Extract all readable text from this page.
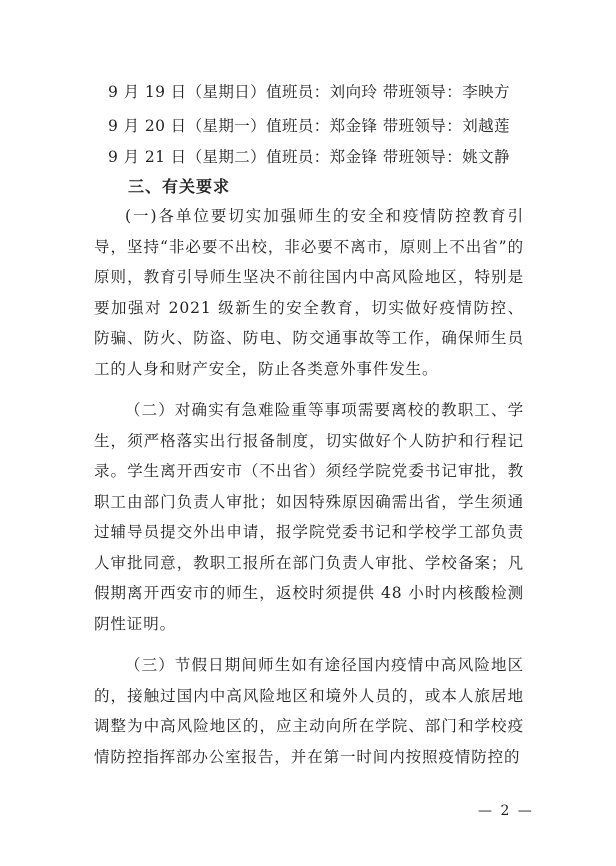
9 月 19 日（星期日）值班员：刘向玲 带班领导：李映方
9 月 20 日（星期一）值班员：郑金锋 带班领导：刘越莲
9 月 21 日（星期二）值班员：郑金锋 带班领导：姚文静
三、有关要求

(一)各单位要切实加强师生的安全和疫情防控教育引导，坚持“非必要不出校，非必要不离市，原则上不出省”的原则，教育引导师生坚决不前往国内中高风险地区，特别是要加强对 2021 级新生的安全教育，切实做好疫情防控、防骗、防火、防盗、防电、防交通事故等工作，确保师生员工的人身和财产安全，防止各类意外事件发生。

（二）对确实有急难险重等事项需要离校的教职工、学生，须严格落实出行报备制度，切实做好个人防护和行程记录。学生离开西安市（不出省）须经学院党委书记审批，教职工由部门负责人审批；如因特殊原因确需出省，学生须通过辅导员提交外出申请，报学院党委书记和学校学工部负责人审批同意，教职工报所在部门负责人审批、学校备案；凡假期离开西安市的师生，返校时须提供 48 小时内核酸检测阴性证明。

（三）节假日期间师生如有途径国内疫情中高风险地区的，接触过国内中高风险地区和境外人员的，或本人旅居地调整为中高风险地区的，应主动向所在学院、部门和学校疫情防控指挥部办公室报告，并在第一时间内按照疫情防控的

— 2 —
